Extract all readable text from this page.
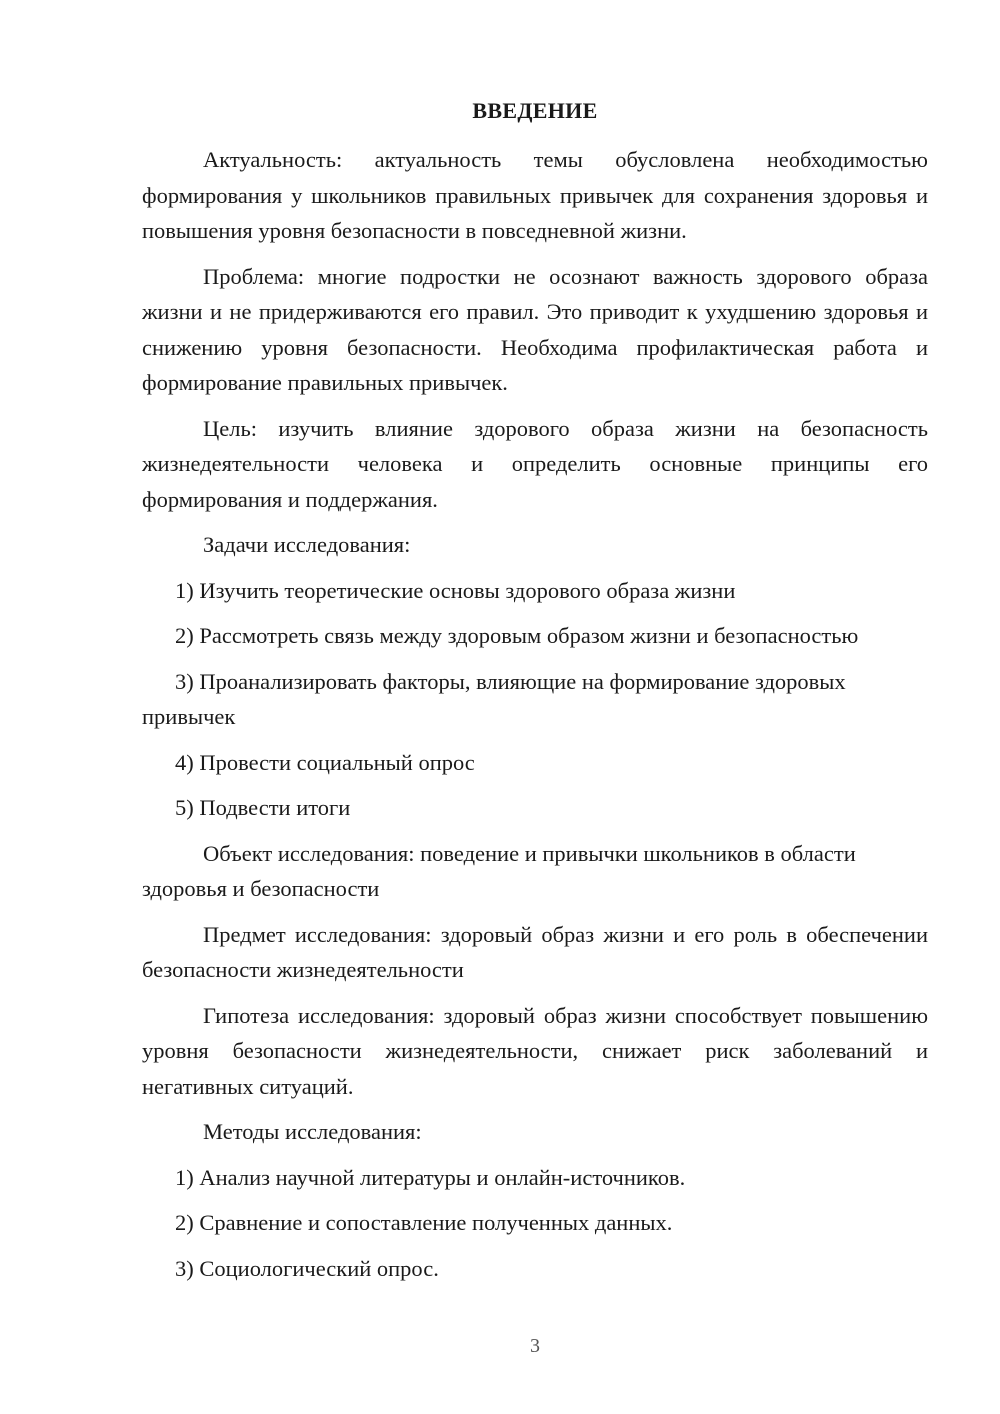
ВВЕДЕНИЕ

Актуальность: актуальность темы обусловлена необходимостью формирования у школьников правильных привычек для сохранения здоровья и повышения уровня безопасности в повседневной жизни.

Проблема: многие подростки не осознают важность здорового образа жизни и не придерживаются его правил. Это приводит к ухудшению здоровья и снижению уровня безопасности. Необходима профилактическая работа и формирование правильных привычек.

Цель: изучить влияние здорового образа жизни на безопасность жизнедеятельности человека и определить основные принципы его формирования и поддержания.

Задачи исследования:

1) Изучить теоретические основы здорового образа жизни

2) Рассмотреть связь между здоровым образом жизни и безопасностью

3) Проанализировать факторы, влияющие на формирование здоровых привычек

4) Провести социальный опрос

5) Подвести итоги

Объект исследования: поведение и привычки школьников в области здоровья и безопасности

Предмет исследования: здоровый образ жизни и его роль в обеспечении безопасности жизнедеятельности

Гипотеза исследования: здоровый образ жизни способствует повышению уровня безопасности жизнедеятельности, снижает риск заболеваний и негативных ситуаций.

Методы исследования:

1) Анализ научной литературы и онлайн-источников.

2) Сравнение и сопоставление полученных данных.

3) Социологический опрос.

3
